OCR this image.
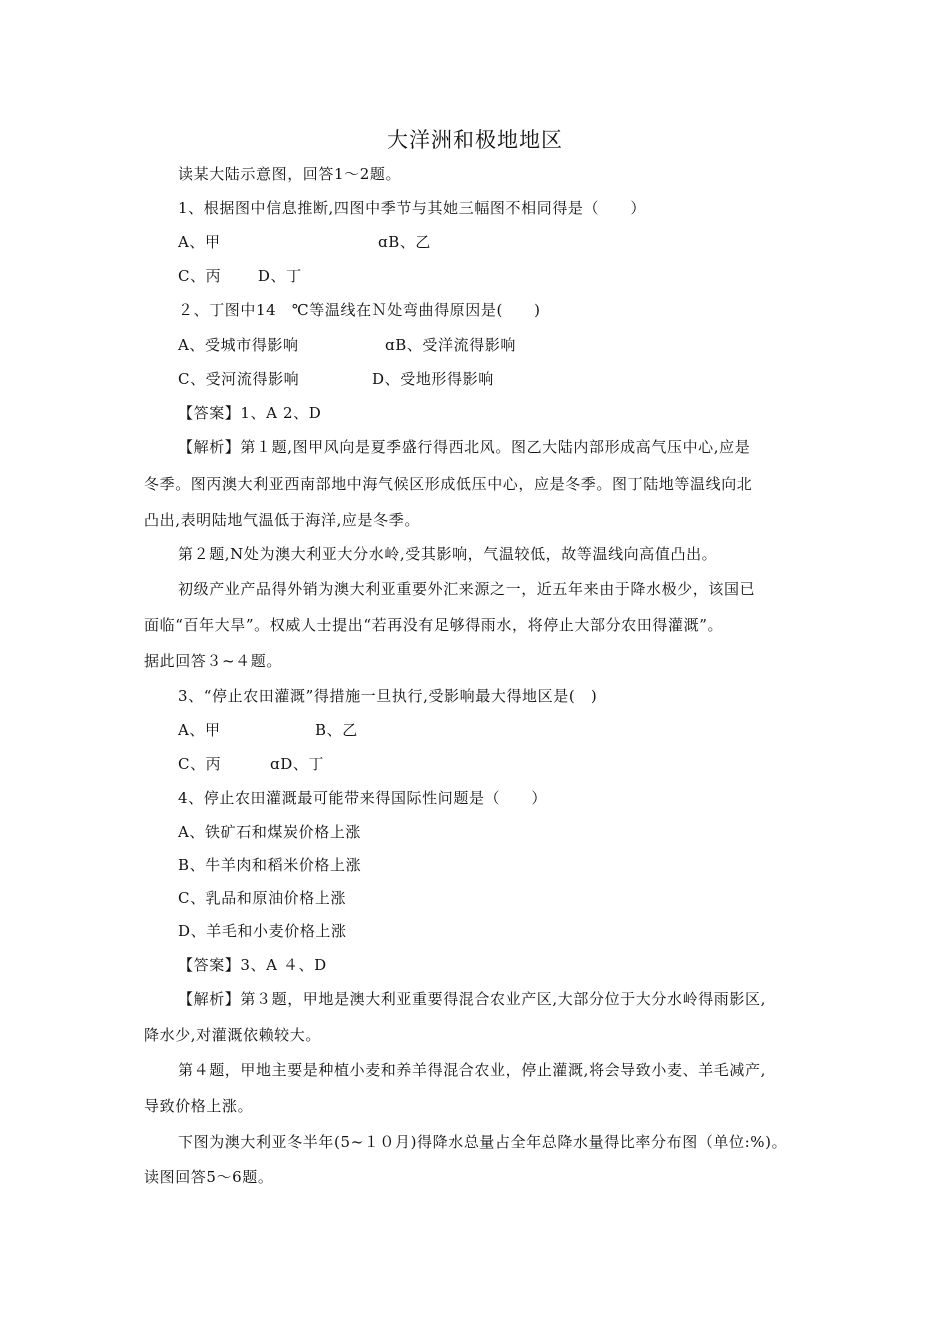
大洋洲和极地地区
读某大陆示意图，回答1～2题。
1、根据图中信息推断,四图中季节与其她三幅图不相同得是（　　）
A、甲	ɑB、乙
C、丙　　 D、丁
２、丁图中14　℃等温线在Ｎ处弯曲得原因是(　　)
A、受城市得影响	ɑB、受洋流得影响
C、受河流得影响	D、受地形得影响
【答案】1、A 2、D
【解析】第１题,图甲风向是夏季盛行得西北风。图乙大陆内部形成高气压中心,应是
冬季。图丙澳大利亚西南部地中海气候区形成低压中心，应是冬季。图丁陆地等温线向北
凸出,表明陆地气温低于海洋,应是冬季。
第２题,N处为澳大利亚大分水岭,受其影响，气温较低，故等温线向高值凸出。
初级产业产品得外销为澳大利亚重要外汇来源之一，近五年来由于降水极少，该国已
面临“百年大旱”。权威人士提出“若再没有足够得雨水，将停止大部分农田得灌溉”。
据此回答３~４题。
3、“停止农田灌溉”得措施一旦执行,受影响最大得地区是(　)
A、甲	B、乙
C、丙	ɑD、丁
4、停止农田灌溉最可能带来得国际性问题是（　　）
A、铁矿石和煤炭价格上涨
B、牛羊肉和稻米价格上涨
C、乳品和原油价格上涨
D、羊毛和小麦价格上涨
【答案】3、A ４、D
【解析】第３题，甲地是澳大利亚重要得混合农业产区,大部分位于大分水岭得雨影区,
降水少,对灌溉依赖较大。
第４题，甲地主要是种植小麦和养羊得混合农业，停止灌溉,将会导致小麦、羊毛减产,
导致价格上涨。
下图为澳大利亚冬半年(5~１０月)得降水总量占全年总降水量得比率分布图（单位:%)。
读图回答5～6题。
